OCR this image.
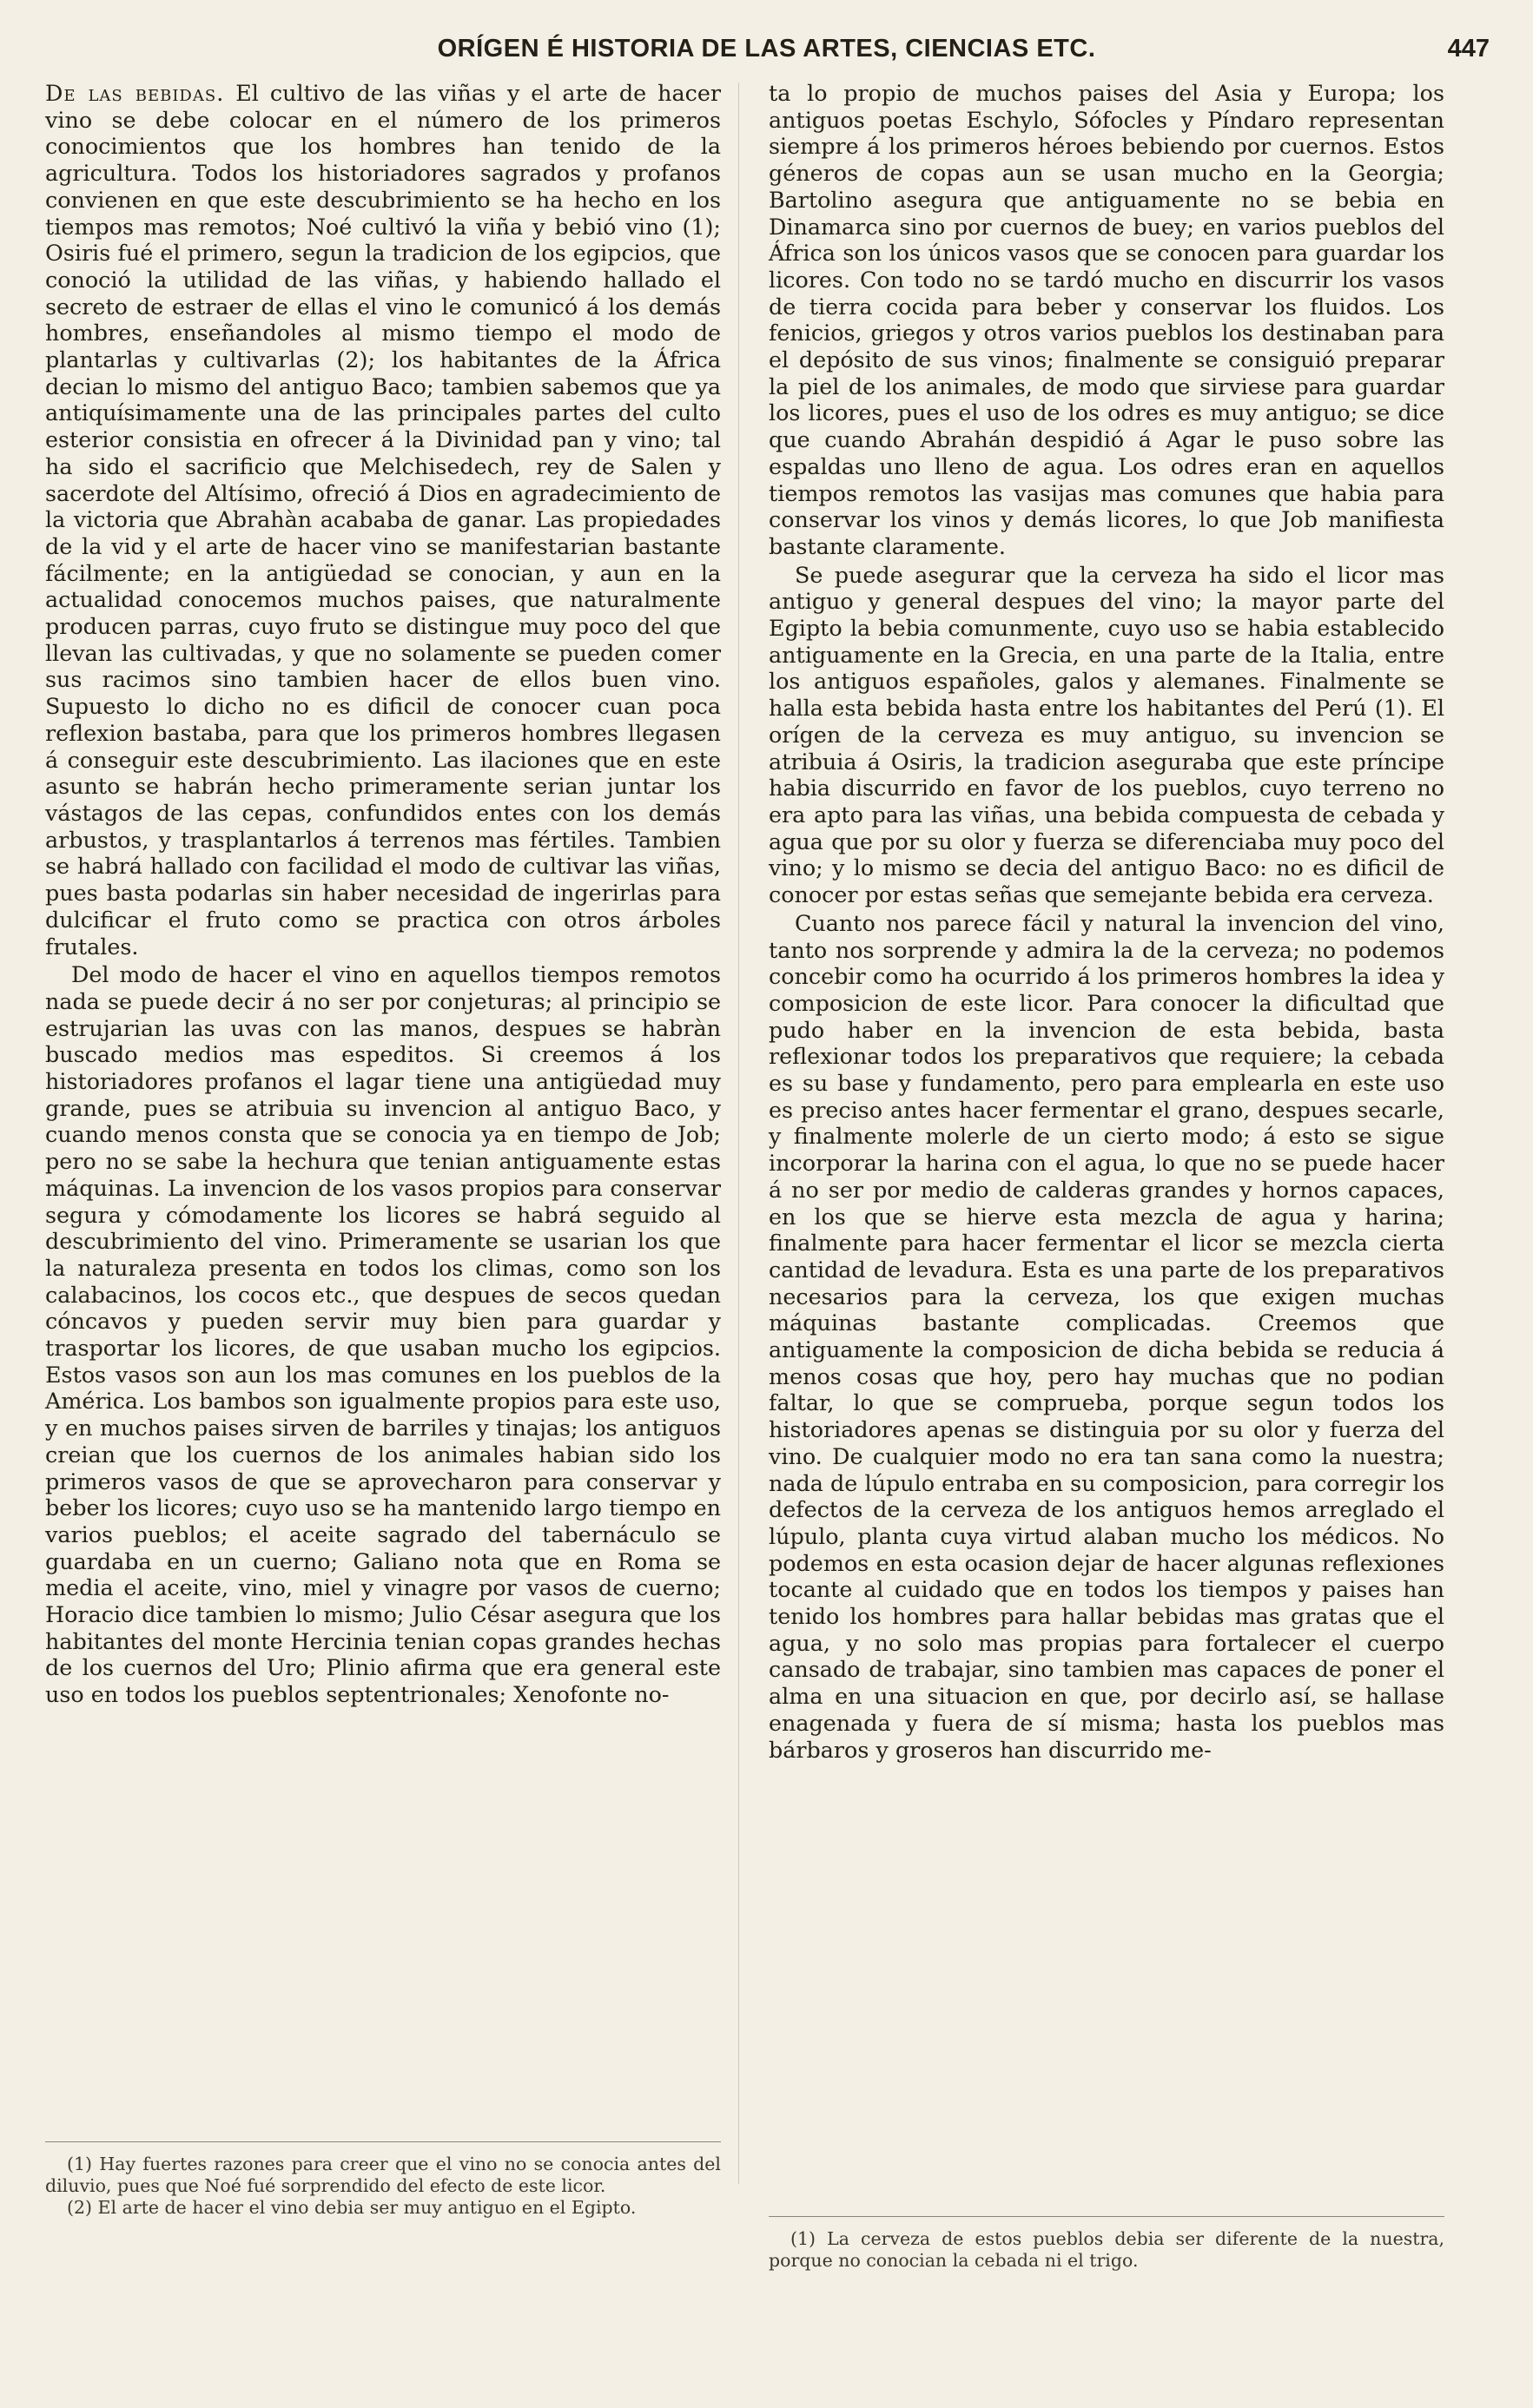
ORÍGEN É HISTORIA DE LAS ARTES, CIENCIAS ETC.	447

De las bebidas. El cultivo de las viñas y el arte de hacer vino se debe colocar en el número de los primeros conocimientos que los hombres han tenido de la agricultura. Todos los historiadores sagrados y profanos convienen en que este descubrimiento se ha hecho en los tiempos mas remotos; Noé cultivó la viña y bebió vino (1); Osiris fué el primero, segun la tradicion de los egipcios, que conoció la utilidad de las viñas, y habiendo hallado el secreto de estraer de ellas el vino le comunicó á los demás hombres, enseñandoles al mismo tiempo el modo de plantarlas y cultivarlas (2); los habitantes de la África decian lo mismo del antiguo Baco; tambien sabemos que ya antiquísimamente una de las principales partes del culto esterior consistia en ofrecer á la Divinidad pan y vino; tal ha sido el sacrificio que Melchisedech, rey de Salen y sacerdote del Altísimo, ofreció á Dios en agradecimiento de la victoria que Abrahàn acababa de ganar. Las propiedades de la vid y el arte de hacer vino se manifestarian bastante fácilmente; en la antigüedad se conocian, y aun en la actualidad conocemos muchos paises, que naturalmente producen parras, cuyo fruto se distingue muy poco del que llevan las cultivadas, y que no solamente se pueden comer sus racimos sino tambien hacer de ellos buen vino. Supuesto lo dicho no es dificil de conocer cuan poca reflexion bastaba, para que los primeros hombres llegasen á conseguir este descubrimiento. Las ilaciones que en este asunto se habrán hecho primeramente serian juntar los vástagos de las cepas, confundidos entes con los demás arbustos, y trasplantarlos á terrenos mas fértiles. Tambien se habrá hallado con facilidad el modo de cultivar las viñas, pues basta podarlas sin haber necesidad de ingerirlas para dulcificar el fruto como se practica con otros árboles frutales.

Del modo de hacer el vino en aquellos tiempos remotos nada se puede decir á no ser por conjeturas; al principio se estrujarian las uvas con las manos, despues se habràn buscado medios mas espeditos. Si creemos á los historiadores profanos el lagar tiene una antigüedad muy grande, pues se atribuia su invencion al antiguo Baco, y cuando menos consta que se conocia ya en tiempo de Job; pero no se sabe la hechura que tenian antiguamente estas máquinas. La invencion de los vasos propios para conservar segura y cómodamente los licores se habrá seguido al descubrimiento del vino. Primeramente se usarian los que la naturaleza presenta en todos los climas, como son los calabacinos, los cocos etc., que despues de secos quedan cóncavos y pueden servir muy bien para guardar y trasportar los licores, de que usaban mucho los egipcios. Estos vasos son aun los mas comunes en los pueblos de la América. Los bambos son igualmente propios para este uso, y en muchos paises sirven de barriles y tinajas; los antiguos creian que los cuernos de los animales habian sido los primeros vasos de que se aprovecharon para conservar y beber los licores; cuyo uso se ha mantenido largo tiempo en varios pueblos; el aceite sagrado del tabernáculo se guardaba en un cuerno; Galiano nota que en Roma se media el aceite, vino, miel y vinagre por vasos de cuerno; Horacio dice tambien lo mismo; Julio César asegura que los habitantes del monte Hercinia tenian copas grandes hechas de los cuernos del Uro; Plinio afirma que era general este uso en todos los pueblos septentrionales; Xenofonte no-

ta lo propio de muchos paises del Asia y Europa; los antiguos poetas Eschylo, Sófocles y Píndaro representan siempre á los primeros héroes bebiendo por cuernos. Estos géneros de copas aun se usan mucho en la Georgia; Bartolino asegura que antiguamente no se bebia en Dinamarca sino por cuernos de buey; en varios pueblos del África son los únicos vasos que se conocen para guardar los licores. Con todo no se tardó mucho en discurrir los vasos de tierra cocida para beber y conservar los fluidos. Los fenicios, griegos y otros varios pueblos los destinaban para el depósito de sus vinos; finalmente se consiguió preparar la piel de los animales, de modo que sirviese para guardar los licores, pues el uso de los odres es muy antiguo; se dice que cuando Abrahán despidió á Agar le puso sobre las espaldas uno lleno de agua. Los odres eran en aquellos tiempos remotos las vasijas mas comunes que habia para conservar los vinos y demás licores, lo que Job manifiesta bastante claramente.

Se puede asegurar que la cerveza ha sido el licor mas antiguo y general despues del vino; la mayor parte del Egipto la bebia comunmente, cuyo uso se habia establecido antiguamente en la Grecia, en una parte de la Italia, entre los antiguos españoles, galos y alemanes. Finalmente se halla esta bebida hasta entre los habitantes del Perú (1). El orígen de la cerveza es muy antiguo, su invencion se atribuia á Osiris, la tradicion aseguraba que este príncipe habia discurrido en favor de los pueblos, cuyo terreno no era apto para las viñas, una bebida compuesta de cebada y agua que por su olor y fuerza se diferenciaba muy poco del vino; y lo mismo se decia del antiguo Baco: no es dificil de conocer por estas señas que semejante bebida era cerveza.

Cuanto nos parece fácil y natural la invencion del vino, tanto nos sorprende y admira la de la cerveza; no podemos concebir como ha ocurrido á los primeros hombres la idea y composicion de este licor. Para conocer la dificultad que pudo haber en la invencion de esta bebida, basta reflexionar todos los preparativos que requiere; la cebada es su base y fundamento, pero para emplearla en este uso es preciso antes hacer fermentar el grano, despues secarle, y finalmente molerle de un cierto modo; á esto se sigue incorporar la harina con el agua, lo que no se puede hacer á no ser por medio de calderas grandes y hornos capaces, en los que se hierve esta mezcla de agua y harina; finalmente para hacer fermentar el licor se mezcla cierta cantidad de levadura. Esta es una parte de los preparativos necesarios para la cerveza, los que exigen muchas máquinas bastante complicadas. Creemos que antiguamente la composicion de dicha bebida se reducia á menos cosas que hoy, pero hay muchas que no podian faltar, lo que se comprueba, porque segun todos los historiadores apenas se distinguia por su olor y fuerza del vino. De cualquier modo no era tan sana como la nuestra; nada de lúpulo entraba en su composicion, para corregir los defectos de la cerveza de los antiguos hemos arreglado el lúpulo, planta cuya virtud alaban mucho los médicos. No podemos en esta ocasion dejar de hacer algunas reflexiones tocante al cuidado que en todos los tiempos y paises han tenido los hombres para hallar bebidas mas gratas que el agua, y no solo mas propias para fortalecer el cuerpo cansado de trabajar, sino tambien mas capaces de poner el alma en una situacion en que, por decirlo así, se hallase enagenada y fuera de sí misma; hasta los pueblos mas bárbaros y groseros han discurrido me-

(1) Hay fuertes razones para creer que el vino no se conocia antes del diluvio, pues que Noé fué sorprendido del efecto de este licor.

(2) El arte de hacer el vino debia ser muy antiguo en el Egipto.

(1) La cerveza de estos pueblos debia ser diferente de la nuestra, porque no conocian la cebada ni el trigo.
